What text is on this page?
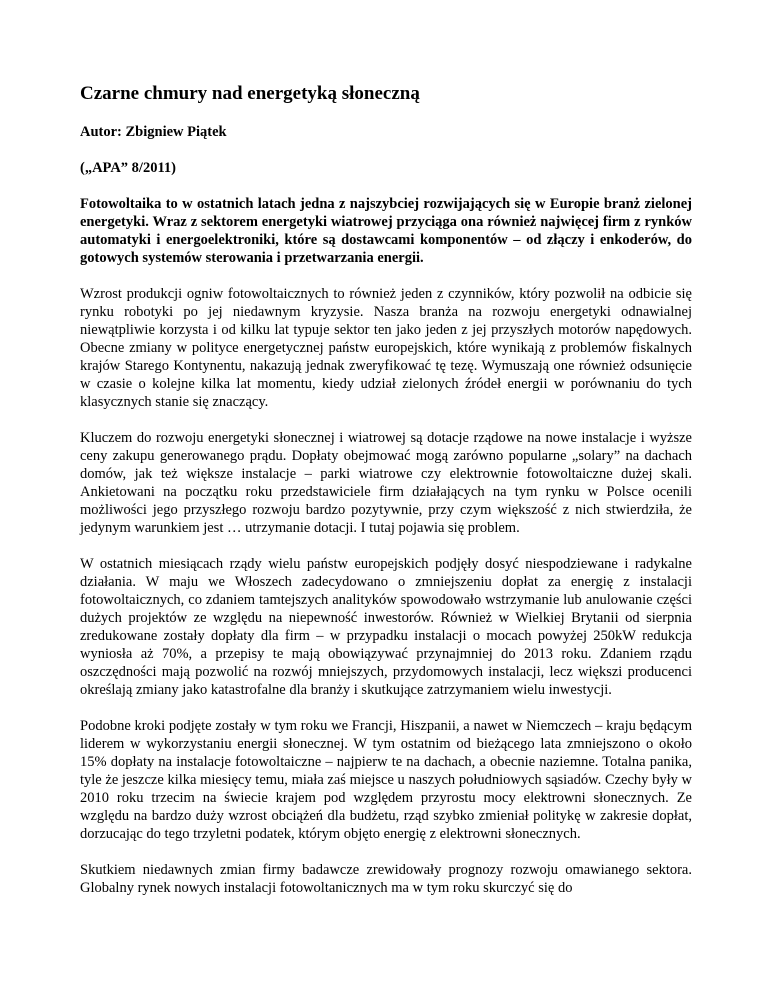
Czarne chmury nad energetyką słoneczną

Autor: Zbigniew Piątek

(„APA” 8/2011)

Fotowoltaika to w ostatnich latach jedna z najszybciej rozwijających się w Europie branż zielonej energetyki. Wraz z sektorem energetyki wiatrowej przyciąga ona również najwięcej firm z rynków automatyki i energoelektroniki, które są dostawcami komponentów – od złączy i enkoderów, do gotowych systemów sterowania i przetwarzania energii.

Wzrost produkcji ogniw fotowoltaicznych to również jeden z czynników, który pozwolił na odbicie się rynku robotyki po jej niedawnym kryzysie. Nasza branża na rozwoju energetyki odnawialnej niewątpliwie korzysta i od kilku lat typuje sektor ten jako jeden z jej przyszłych motorów napędowych. Obecne zmiany w polityce energetycznej państw europejskich, które wynikają z problemów fiskalnych krajów Starego Kontynentu, nakazują jednak zweryfikować tę tezę. Wymuszają one również odsunięcie w czasie o kolejne kilka lat momentu, kiedy udział zielonych źródeł energii w porównaniu do tych klasycznych stanie się znaczący.

Kluczem do rozwoju energetyki słonecznej i wiatrowej są dotacje rządowe na nowe instalacje i wyższe ceny zakupu generowanego prądu. Dopłaty obejmować mogą zarówno popularne „solary” na dachach domów, jak też większe instalacje – parki wiatrowe czy elektrownie fotowoltaiczne dużej skali. Ankietowani na początku roku przedstawiciele firm działających na tym rynku w Polsce ocenili możliwości jego przyszłego rozwoju bardzo pozytywnie, przy czym większość z nich stwierdziła, że jedynym warunkiem jest … utrzymanie dotacji. I tutaj pojawia się problem.

W ostatnich miesiącach rządy wielu państw europejskich podjęły dosyć niespodziewane i radykalne działania. W maju we Włoszech zadecydowano o zmniejszeniu dopłat za energię z instalacji fotowoltaicznych, co zdaniem tamtejszych analityków spowodowało wstrzymanie lub anulowanie części dużych projektów ze względu na niepewność inwestorów. Również w Wielkiej Brytanii od sierpnia zredukowane zostały dopłaty dla firm – w przypadku instalacji o mocach powyżej 250kW redukcja wyniosła aż 70%, a przepisy te mają obowiązywać przynajmniej do 2013 roku. Zdaniem rządu oszczędności mają pozwolić na rozwój mniejszych, przydomowych instalacji, lecz większi producenci określają zmiany jako katastrofalne dla branży i skutkujące zatrzymaniem wielu inwestycji.

Podobne kroki podjęte zostały w tym roku we Francji, Hiszpanii, a nawet w Niemczech – kraju będącym liderem w wykorzystaniu energii słonecznej. W tym ostatnim od bieżącego lata zmniejszono o około 15% dopłaty na instalacje fotowoltaiczne – najpierw te na dachach, a obecnie naziemne. Totalna panika, tyle że jeszcze kilka miesięcy temu, miała zaś miejsce u naszych południowych sąsiadów. Czechy były w 2010 roku trzecim na świecie krajem pod względem przyrostu mocy elektrowni słonecznych. Ze względu na bardzo duży wzrost obciążeń dla budżetu, rząd szybko zmieniał politykę w zakresie dopłat, dorzucając do tego trzyletni podatek, którym objęto energię z elektrowni słonecznych.

Skutkiem niedawnych zmian firmy badawcze zrewidowały prognozy rozwoju omawianego sektora. Globalny rynek nowych instalacji fotowoltanicznych ma w tym roku skurczyć się do
